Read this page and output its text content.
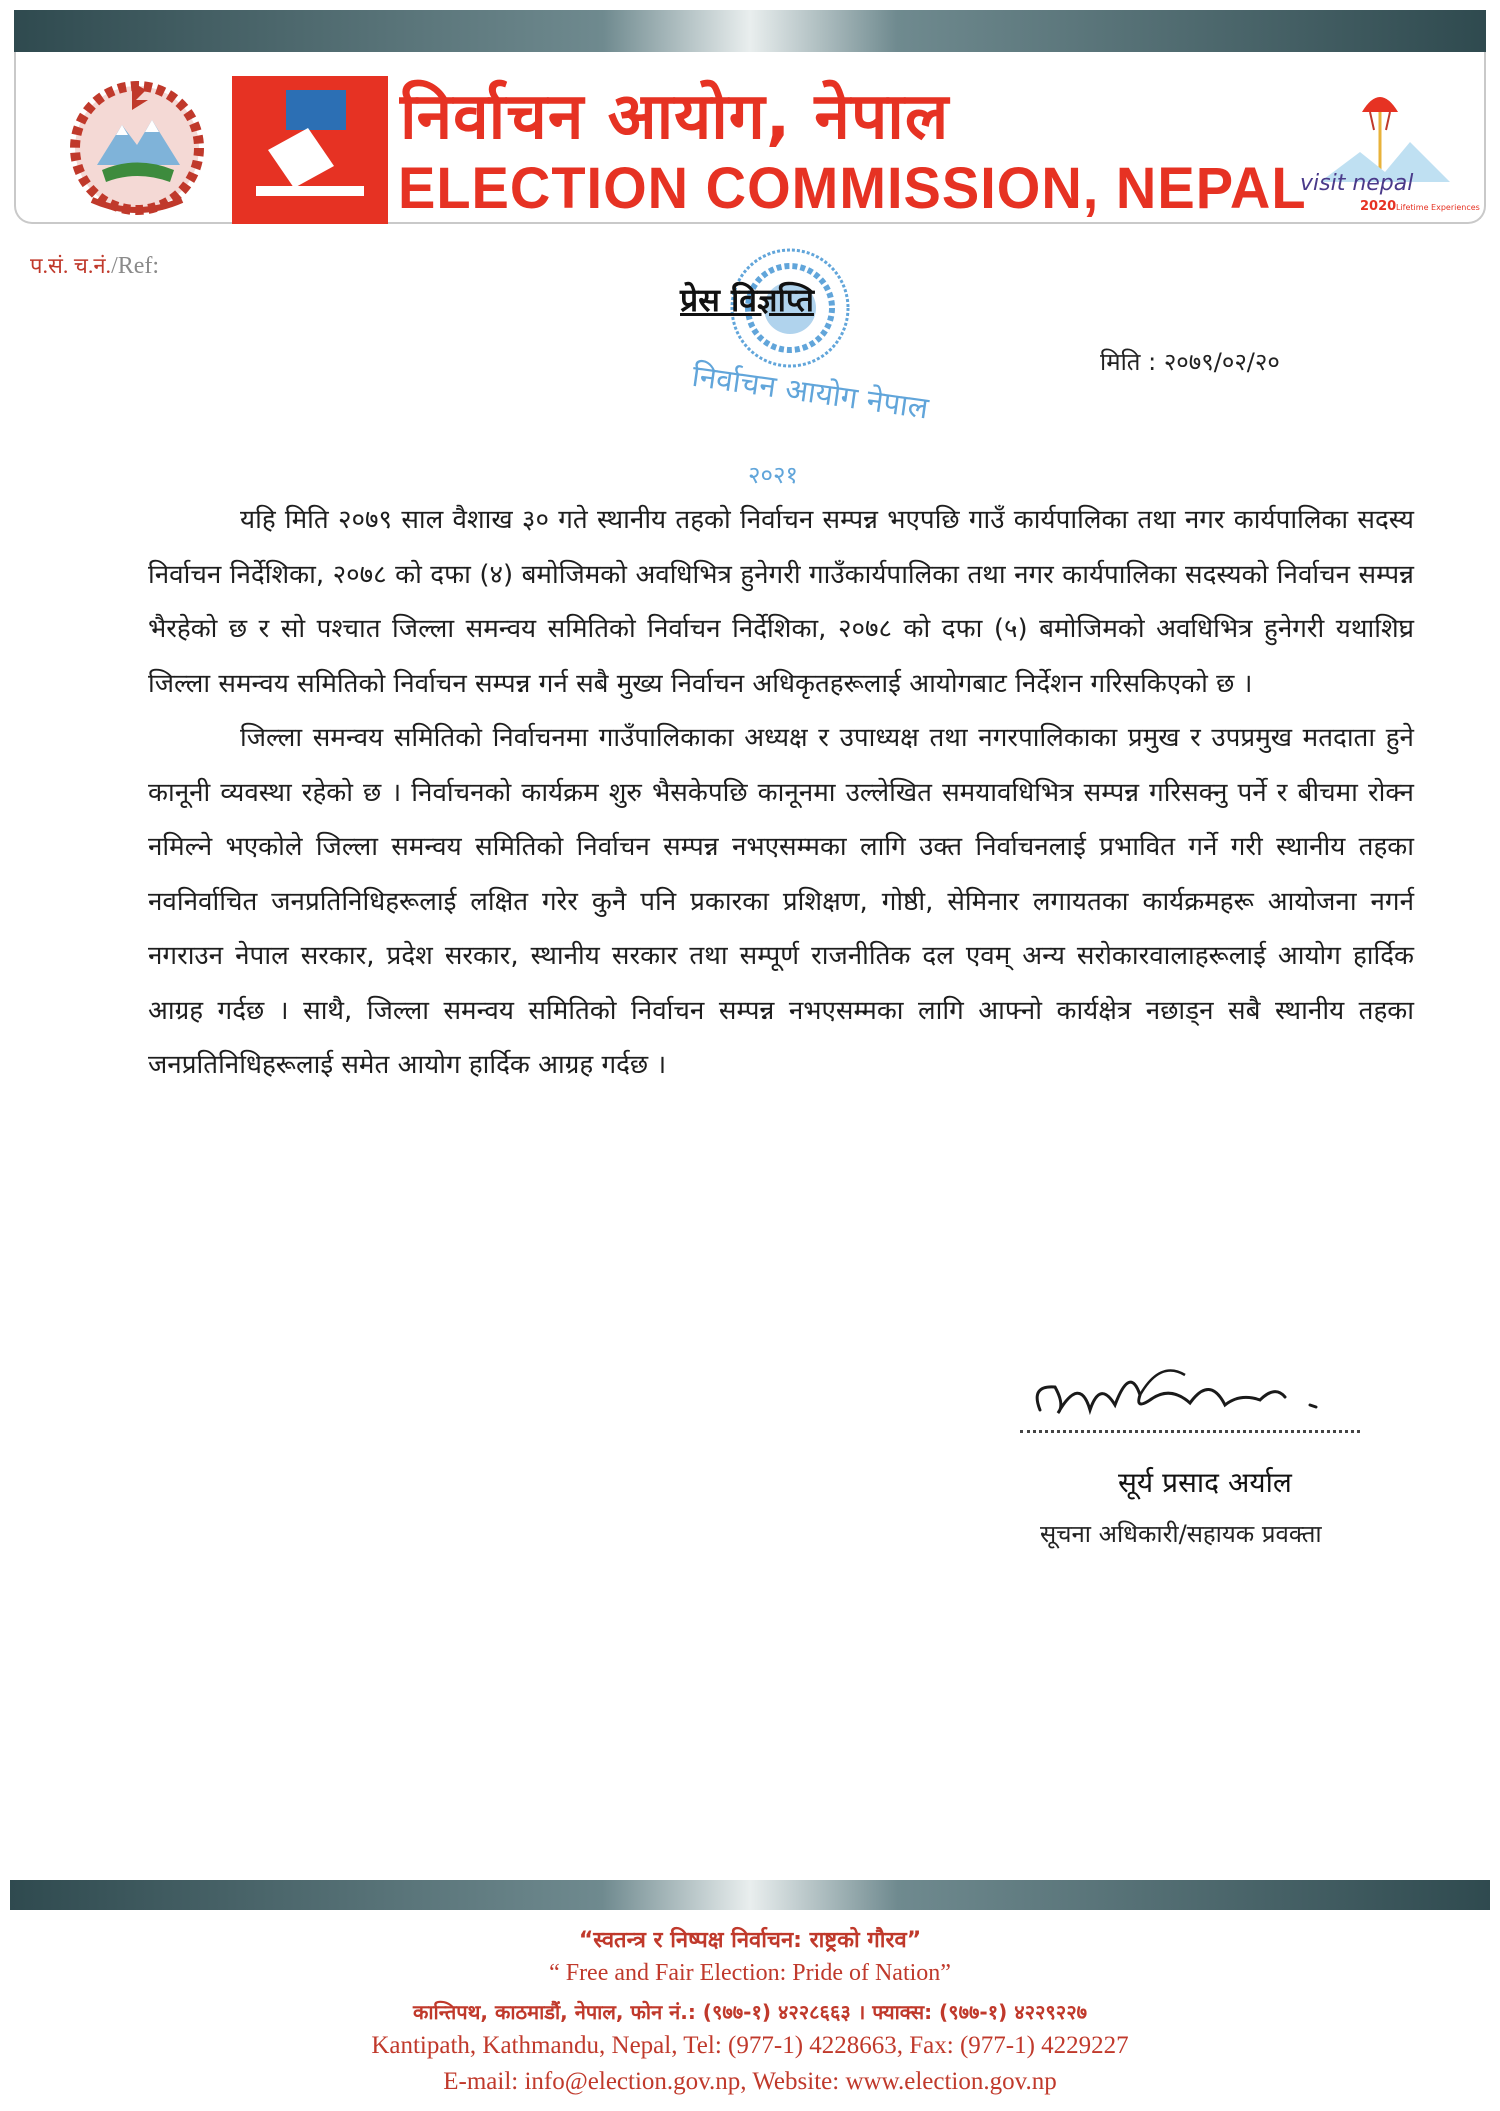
निर्वाचन आयोग, नेपाल
ELECTION COMMISSION, NEPAL
visit nepal
2020 Lifetime Experiences
प.सं. च.नं./Ref:
निर्वाचन आयोग नेपाल
२०२१
प्रेस विज्ञप्ति
मिति : २०७९/०२/२०

यहि मिति २०७९ साल वैशाख ३० गते स्थानीय तहको निर्वाचन सम्पन्न भएपछि गाउँ कार्यपालिका तथा नगर कार्यपालिका सदस्य निर्वाचन निर्देशिका, २०७८ को दफा (४) बमोजिमको अवधिभित्र हुनेगरी गाउँकार्यपालिका तथा नगर कार्यपालिका सदस्यको निर्वाचन सम्पन्न भैरहेको छ र सो पश्चात जिल्ला समन्वय समितिको निर्वाचन निर्देशिका, २०७८ को दफा (५) बमोजिमको अवधिभित्र हुनेगरी यथाशिघ्र जिल्ला समन्वय समितिको निर्वाचन सम्पन्न गर्न सबै मुख्य निर्वाचन अधिकृतहरूलाई आयोगबाट निर्देशन गरिसकिएको छ ।

जिल्ला समन्वय समितिको निर्वाचनमा गाउँपालिकाका अध्यक्ष र उपाध्यक्ष तथा नगरपालिकाका प्रमुख र उपप्रमुख मतदाता हुने कानूनी व्यवस्था रहेको छ । निर्वाचनको कार्यक्रम शुरु भैसकेपछि कानूनमा उल्लेखित समयावधिभित्र सम्पन्न गरिसक्नु पर्ने र बीचमा रोक्न नमिल्ने भएकोले जिल्ला समन्वय समितिको निर्वाचन सम्पन्न नभएसम्मका लागि उक्त निर्वाचनलाई प्रभावित गर्ने गरी स्थानीय तहका नवनिर्वाचित जनप्रतिनिधिहरूलाई लक्षित गरेर कुनै पनि प्रकारका प्रशिक्षण, गोष्ठी, सेमिनार लगायतका कार्यक्रमहरू आयोजना नगर्न नगराउन नेपाल सरकार, प्रदेश सरकार, स्थानीय सरकार तथा सम्पूर्ण राजनीतिक दल एवम् अन्य सरोकारवालाहरूलाई आयोग हार्दिक आग्रह गर्दछ । साथै, जिल्ला समन्वय समितिको निर्वाचन सम्पन्न नभएसम्मका लागि आफ्नो कार्यक्षेत्र नछाड्न सबै स्थानीय तहका जनप्रतिनिधिहरूलाई समेत आयोग हार्दिक आग्रह गर्दछ ।

सूर्य प्रसाद अर्याल
सूचना अधिकारी/सहायक प्रवक्ता
“स्वतन्त्र र निष्पक्ष निर्वाचन: राष्ट्रको गौरव”
“ Free and Fair Election: Pride of Nation”
कान्तिपथ, काठमाडौं, नेपाल, फोन नं.: (९७७-१) ४२२८६६३ । फ्याक्स: (९७७-१) ४२२९२२७
Kantipath, Kathmandu, Nepal, Tel: (977-1) 4228663, Fax: (977-1) 4229227
E-mail: info@election.gov.np, Website: www.election.gov.np
